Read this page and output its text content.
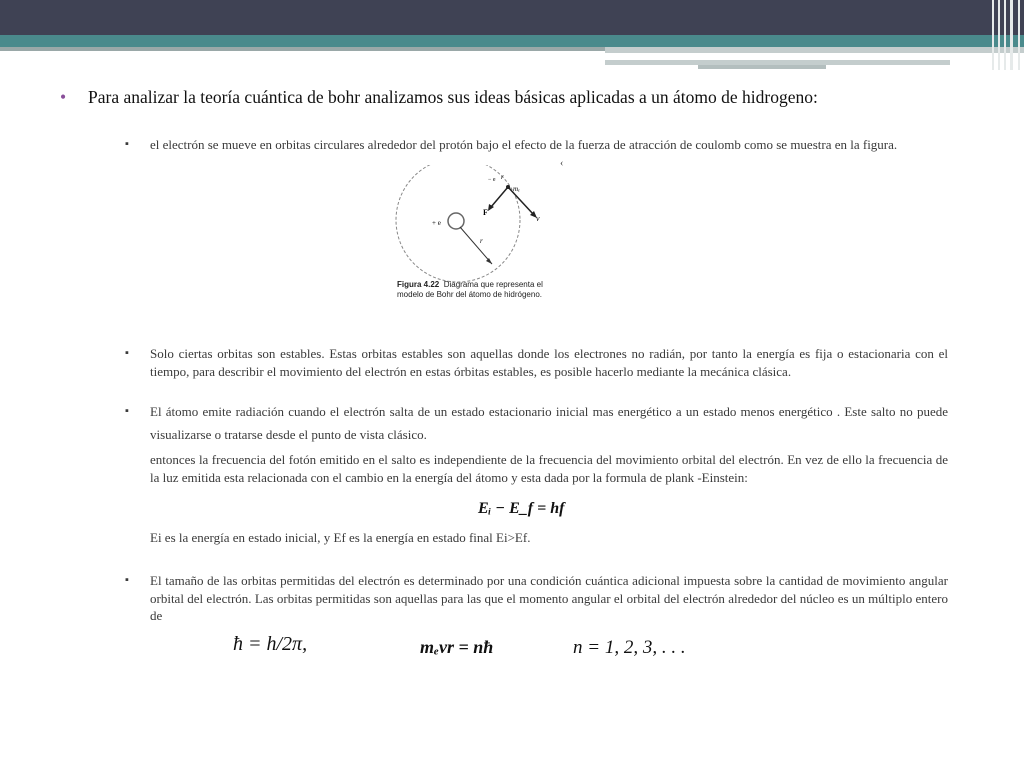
• Para analizar la teoría cuántica de bohr analizamos sus ideas básicas aplicadas a un átomo de hidrogeno:
▪ el electrón se mueve en orbitas circulares alrededor del protón bajo el efecto de la fuerza de atracción de coulomb como se muestra en la figura.
F
v
r
r
+ e
− e
mₑ
Figura 4.22 Diagrama que representa el modelo de Bohr del átomo de hidrógeno.
‹
▪ Solo ciertas orbitas son estables. Estas orbitas estables son aquellas donde los electrones no radián, por tanto la energía es fija o estacionaria con el tiempo, para describir el movimiento del electrón en estas órbitas estables, es posible hacerlo mediante la mecánica clásica.
▪ El átomo emite radiación cuando el electrón salta de un estado estacionario inicial mas energético a un estado menos energético . Este salto no puede visualizarse o tratarse desde el punto de vista clásico.
entonces la frecuencia del fotón emitido en el salto es independiente de la frecuencia del movimiento orbital del electrón. En vez de ello la frecuencia de la luz emitida esta relacionada con el cambio en la energía del átomo y esta dada por la formula de plank -Einstein:
Eᵢ − E_f = hf
Ei es la energía en estado inicial, y Ef es la energía en estado final Ei>Ef.
▪ El tamaño de las orbitas permitidas del electrón es determinado por una condición cuántica adicional impuesta sobre la cantidad de movimiento angular orbital del electrón. Las orbitas permitidas son aquellas para las que el momento angular el orbital del electrón alrededor del núcleo es un múltiplo entero de
ħ = h/2π,	mₑvr = nħ	n = 1, 2, 3, . . .
